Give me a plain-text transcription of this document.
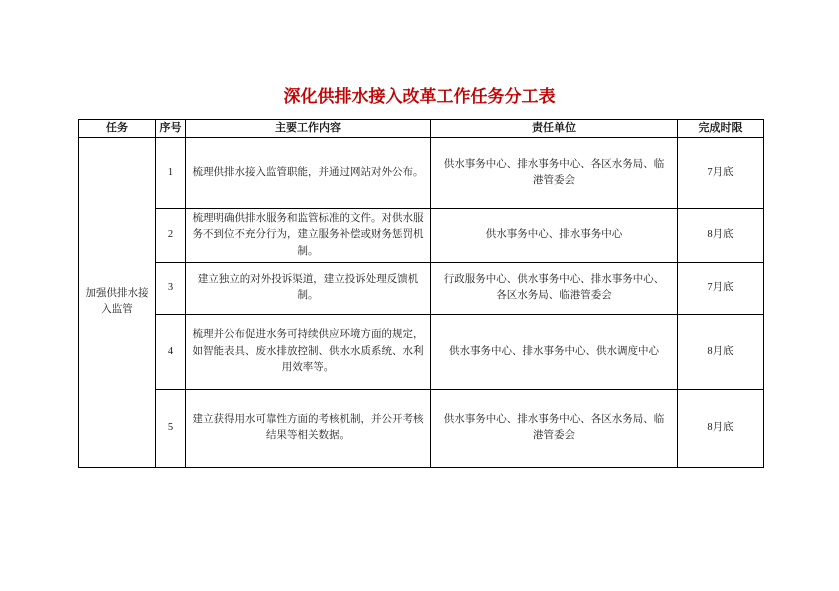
深化供排水接入改革工作任务分工表
任务	序号	主要工作内容	责任单位	完成时限
加强供排水接入监管	1	梳理供排水接入监管职能，并通过网站对外公布。	供水事务中心、排水事务中心、各区水务局、临港管委会	7月底
	2	梳理明确供排水服务和监管标准的文件。对供水服务不到位不充分行为，建立服务补偿或财务惩罚机制。	供水事务中心、排水事务中心	8月底
	3	建立独立的对外投诉渠道，建立投诉处理反馈机制。	行政服务中心、供水事务中心、排水事务中心、各区水务局、临港管委会	7月底
	4	梳理并公布促进水务可持续供应环境方面的规定，如智能表具、废水排放控制、供水水质系统、水利用效率等。	供水事务中心、排水事务中心、供水调度中心	8月底
	5	建立获得用水可靠性方面的考核机制，并公开考核结果等相关数据。	供水事务中心、排水事务中心、各区水务局、临港管委会	8月底
